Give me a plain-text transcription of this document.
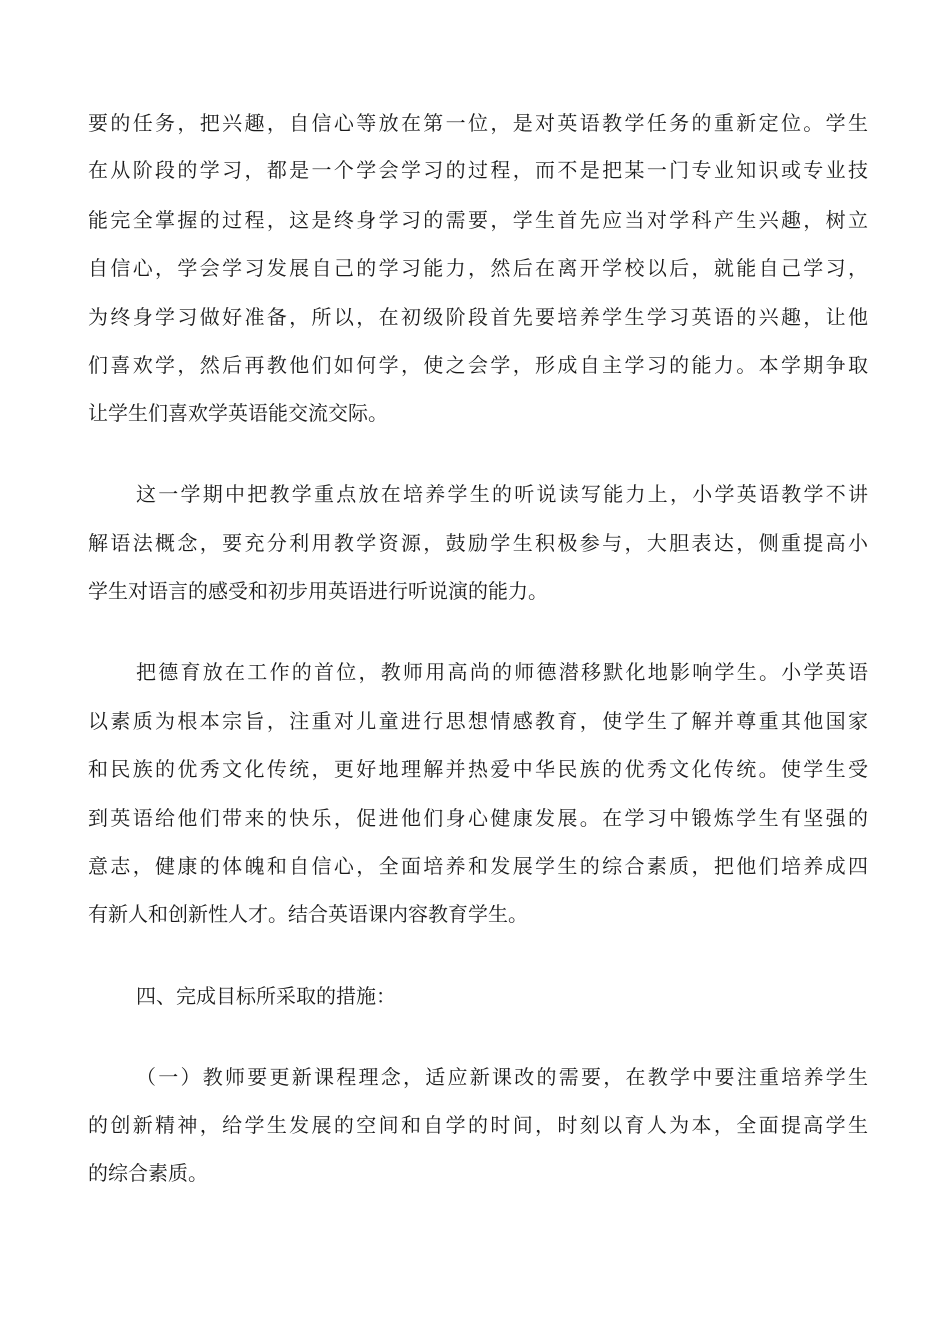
要的任务，把兴趣，自信心等放在第一位，是对英语教学任务的重新定位。学生
在从阶段的学习，都是一个学会学习的过程，而不是把某一门专业知识或专业技
能完全掌握的过程，这是终身学习的需要，学生首先应当对学科产生兴趣，树立
自信心，学会学习发展自己的学习能力，然后在离开学校以后，就能自己学习，
为终身学习做好准备，所以，在初级阶段首先要培养学生学习英语的兴趣，让他
们喜欢学，然后再教他们如何学，使之会学，形成自主学习的能力。本学期争取
让学生们喜欢学英语能交流交际。
这一学期中把教学重点放在培养学生的听说读写能力上，小学英语教学不讲
解语法概念，要充分利用教学资源，鼓励学生积极参与，大胆表达，侧重提高小
学生对语言的感受和初步用英语进行听说演的能力。
把德育放在工作的首位，教师用高尚的师德潜移默化地影响学生。小学英语
以素质为根本宗旨，注重对儿童进行思想情感教育，使学生了解并尊重其他国家
和民族的优秀文化传统，更好地理解并热爱中华民族的优秀文化传统。使学生受
到英语给他们带来的快乐，促进他们身心健康发展。在学习中锻炼学生有坚强的
意志，健康的体魄和自信心，全面培养和发展学生的综合素质，把他们培养成四
有新人和创新性人才。结合英语课内容教育学生。
四、完成目标所采取的措施：
（一）教师要更新课程理念，适应新课改的需要，在教学中要注重培养学生
的创新精神，给学生发展的空间和自学的时间，时刻以育人为本，全面提高学生
的综合素质。
